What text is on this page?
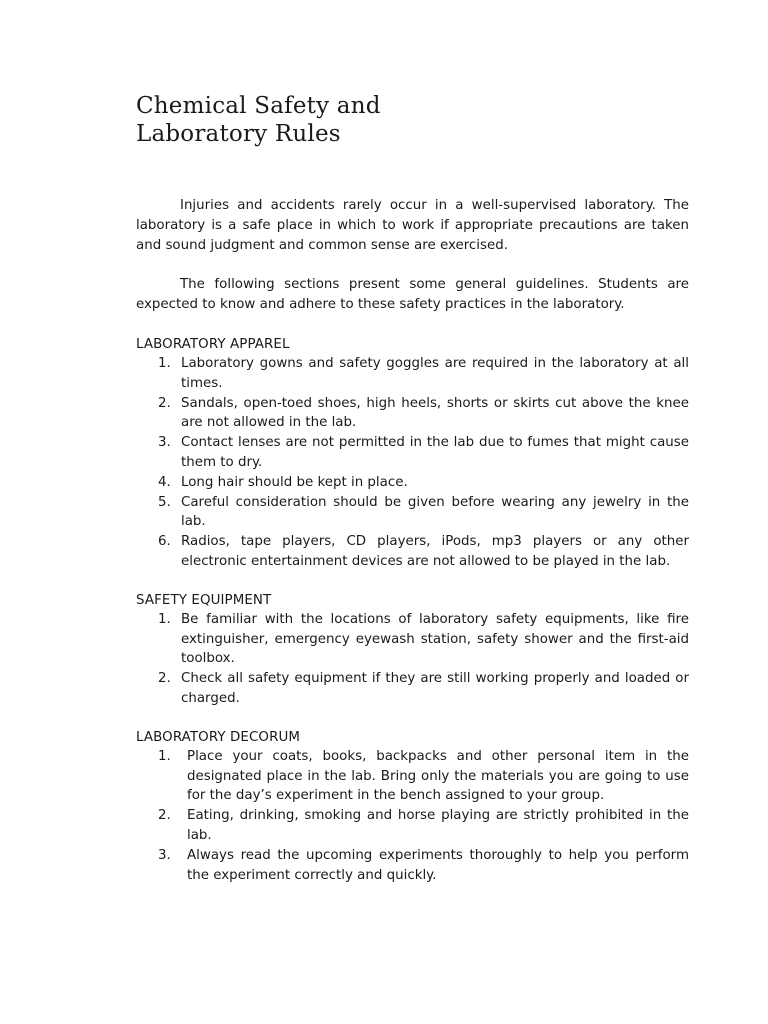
Chemical Safety and
Laboratory Rules

Injuries and accidents rarely occur in a well-supervised laboratory. The laboratory is a safe place in which to work if appropriate precautions are taken and sound judgment and common sense are exercised.

The following sections present some general guidelines. Students are expected to know and adhere to these safety practices in the laboratory.

LABORATORY APPAREL
1. Laboratory gowns and safety goggles are required in the laboratory at all times.
2. Sandals, open-toed shoes, high heels, shorts or skirts cut above the knee are not allowed in the lab.
3. Contact lenses are not permitted in the lab due to fumes that might cause them to dry.
4. Long hair should be kept in place.
5. Careful consideration should be given before wearing any jewelry in the lab.
6. Radios, tape players, CD players, iPods, mp3 players or any other electronic entertainment devices are not allowed to be played in the lab.
SAFETY EQUIPMENT
1. Be familiar with the locations of laboratory safety equipments, like fire extinguisher, emergency eyewash station, safety shower and the first-aid toolbox.
2. Check all safety equipment if they are still working properly and loaded or charged.
LABORATORY DECORUM
1. Place your coats, books, backpacks and other personal item in the designated place in the lab. Bring only the materials you are going to use for the day’s experiment in the bench assigned to your group.
2. Eating, drinking, smoking and horse playing are strictly prohibited in the lab.
3. Always read the upcoming experiments thoroughly to help you perform the experiment correctly and quickly.
